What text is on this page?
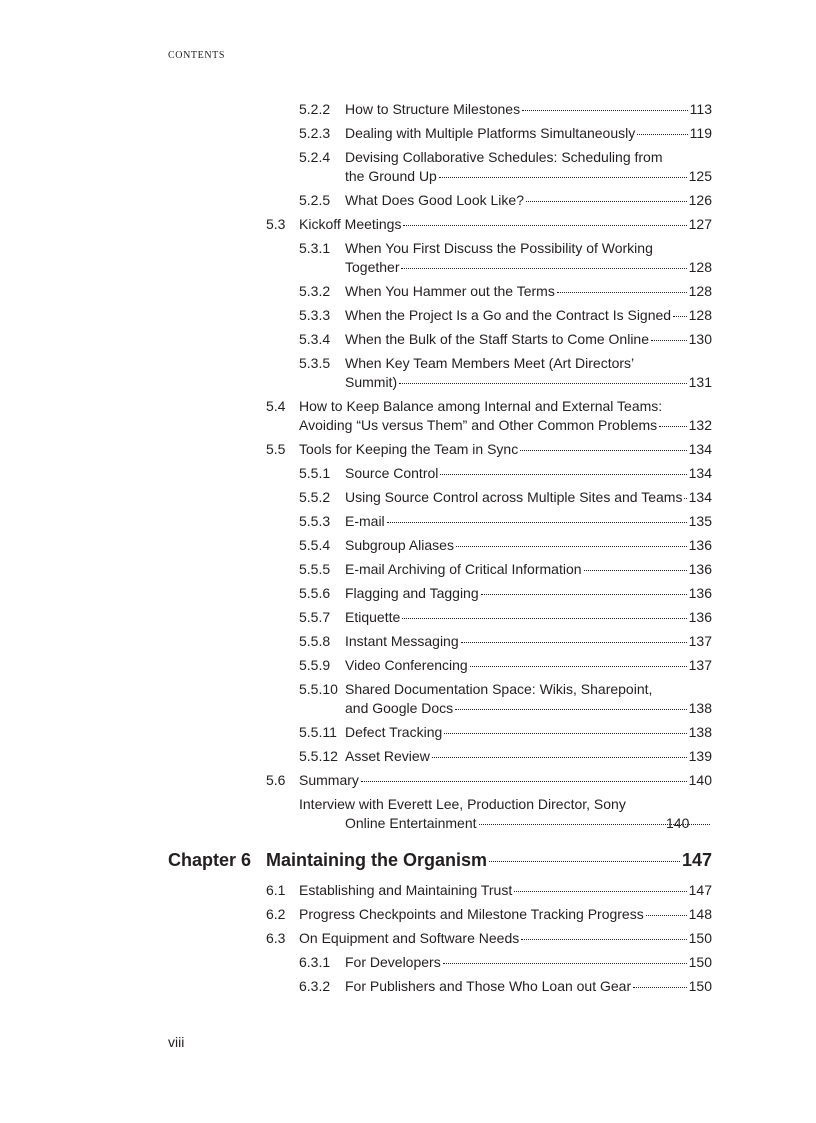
CONTENTS
5.2.2 How to Structure Milestones	113
5.2.3 Dealing with Multiple Platforms Simultaneously	119
5.2.4 Devising Collaborative Schedules: Scheduling from
the Ground Up	125
5.2.5 What Does Good Look Like?	126
5.3 Kickoff Meetings	127
5.3.1 When You First Discuss the Possibility of Working
Together	128
5.3.2 When You Hammer out the Terms	128
5.3.3 When the Project Is a Go and the Contract Is Signed 128
5.3.4 When the Bulk of the Staff Starts to Come Online	130
5.3.5 When Key Team Members Meet (Art Directors’
Summit)	131
5.4 How to Keep Balance among Internal and External Teams:
Avoiding “Us versus Them” and Other Common Problems 132
5.5 Tools for Keeping the Team in Sync	134
5.5.1 Source Control	134
5.5.2 Using Source Control across Multiple Sites and Teams 134
5.5.3 E-mail	135
5.5.4 Subgroup Aliases	136
5.5.5 E-mail Archiving of Critical Information	136
5.5.6 Flagging and Tagging	136
5.5.7 Etiquette	136
5.5.8 Instant Messaging	137
5.5.9 Video Conferencing	137
5.5.10 Shared Documentation Space: Wikis, Sharepoint,
and Google Docs	138
5.5.11 Defect Tracking	138
5.5.12 Asset Review	139
5.6 Summary	140
Interview with Everett Lee, Production Director, Sony
Online Entertainment	140
Chapter 6 Maintaining the Organism	147
6.1 Establishing and Maintaining Trust	147
6.2 Progress Checkpoints and Milestone Tracking Progress	148
6.3 On Equipment and Software Needs	150
6.3.1 For Developers	150
6.3.2 For Publishers and Those Who Loan out Gear	150
viii
